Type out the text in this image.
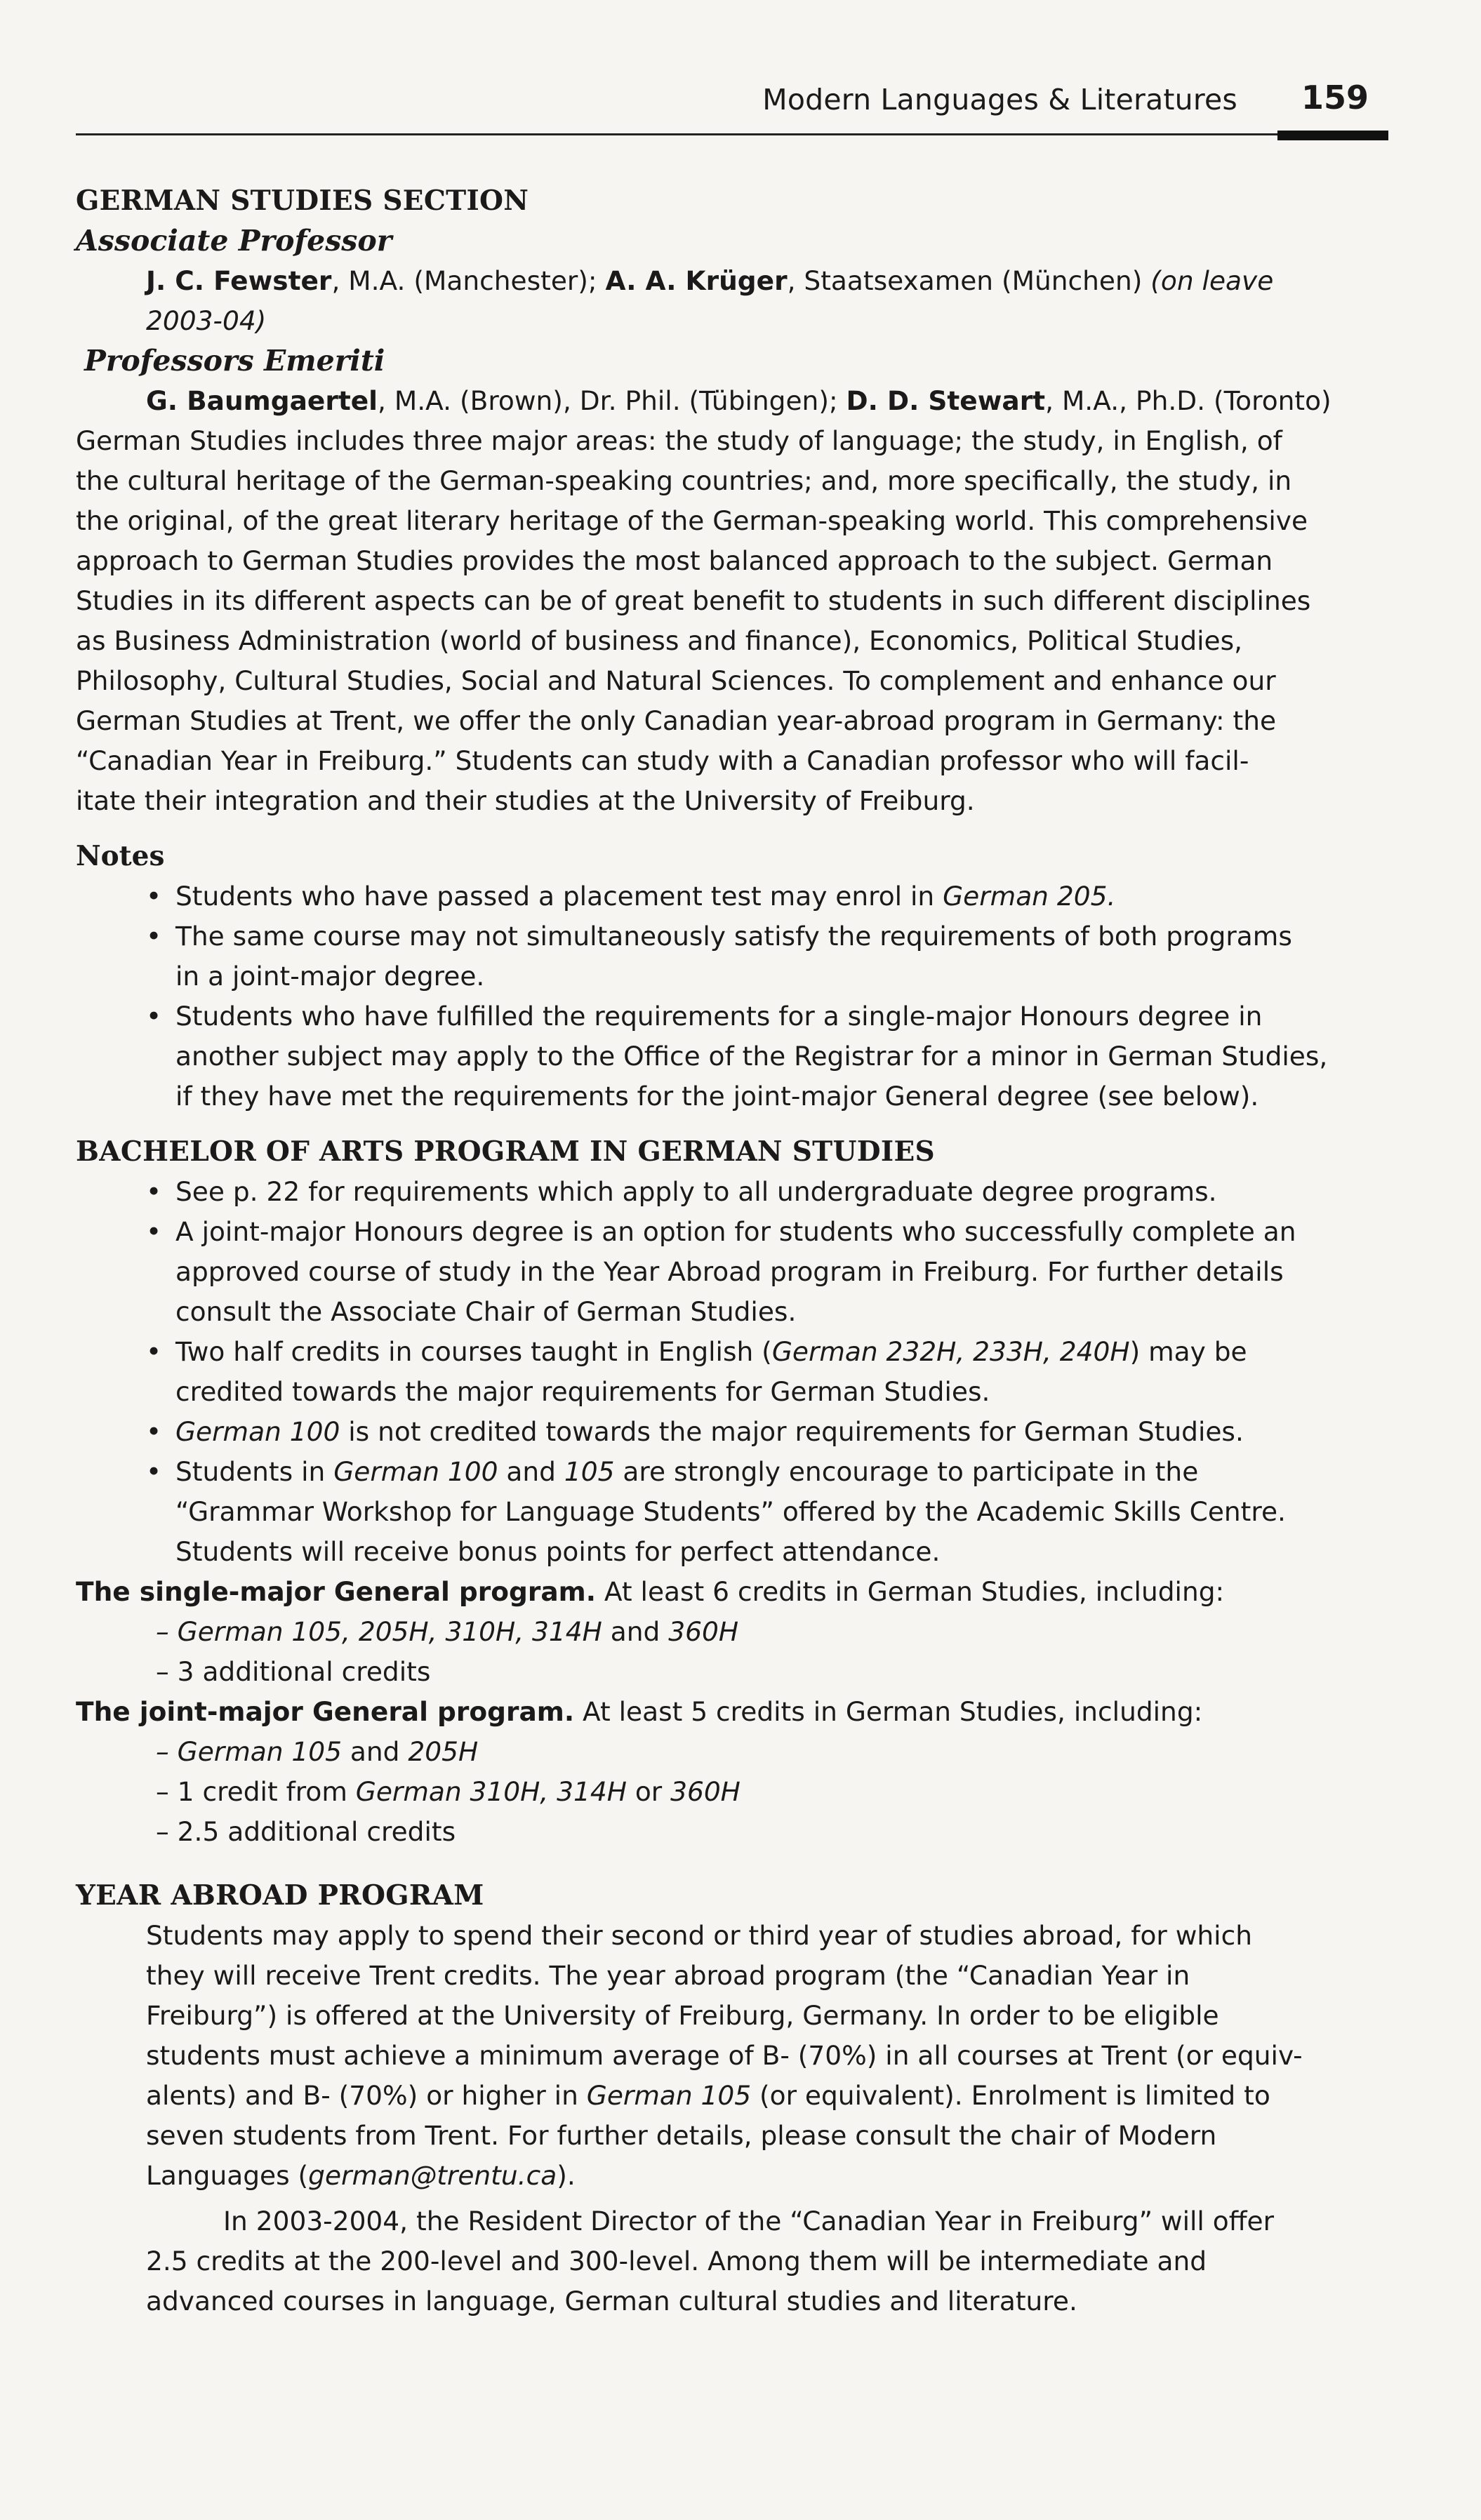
Modern Languages & Literatures 159

GERMAN STUDIES SECTION

Associate Professor

J. C. Fewster, M.A. (Manchester); A. A. Krüger, Staatsexamen (München) (on leave
2003-04)

Professors Emeriti

G. Baumgaertel, M.A. (Brown), Dr. Phil. (Tübingen); D. D. Stewart, M.A., Ph.D. (Toronto)

German Studies includes three major areas: the study of language; the study, in English, of
the cultural heritage of the German-speaking countries; and, more specifically, the study, in
the original, of the great literary heritage of the German-speaking world. This comprehensive
approach to German Studies provides the most balanced approach to the subject. German
Studies in its different aspects can be of great benefit to students in such different disciplines
as Business Administration (world of business and finance), Economics, Political Studies,
Philosophy, Cultural Studies, Social and Natural Sciences. To complement and enhance our
German Studies at Trent, we offer the only Canadian year-abroad program in Germany: the
“Canadian Year in Freiburg.” Students can study with a Canadian professor who will facil-
itate their integration and their studies at the University of Freiburg.

Notes

• Students who have passed a placement test may enrol in German 205.
• The same course may not simultaneously satisfy the requirements of both programs
in a joint-major degree.
• Students who have fulfilled the requirements for a single-major Honours degree in
another subject may apply to the Office of the Registrar for a minor in German Studies,
if they have met the requirements for the joint-major General degree (see below).

BACHELOR OF ARTS PROGRAM IN GERMAN STUDIES

• See p. 22 for requirements which apply to all undergraduate degree programs.
• A joint-major Honours degree is an option for students who successfully complete an
approved course of study in the Year Abroad program in Freiburg. For further details
consult the Associate Chair of German Studies.
• Two half credits in courses taught in English (German 232H, 233H, 240H) may be
credited towards the major requirements for German Studies.
• German 100 is not credited towards the major requirements for German Studies.
• Students in German 100 and 105 are strongly encourage to participate in the
“Grammar Workshop for Language Students” offered by the Academic Skills Centre.
Students will receive bonus points for perfect attendance.

The single-major General program. At least 6 credits in German Studies, including:

– German 105, 205H, 310H, 314H and 360H

– 3 additional credits

The joint-major General program. At least 5 credits in German Studies, including:

– German 105 and 205H

– 1 credit from German 310H, 314H or 360H

– 2.5 additional credits

YEAR ABROAD PROGRAM

Students may apply to spend their second or third year of studies abroad, for which
they will receive Trent credits. The year abroad program (the “Canadian Year in
Freiburg”) is offered at the University of Freiburg, Germany. In order to be eligible
students must achieve a minimum average of B- (70%) in all courses at Trent (or equiv-
alents) and B- (70%) or higher in German 105 (or equivalent). Enrolment is limited to
seven students from Trent. For further details, please consult the chair of Modern
Languages (german@trentu.ca).
In 2003-2004, the Resident Director of the “Canadian Year in Freiburg” will offer
2.5 credits at the 200-level and 300-level. Among them will be intermediate and
advanced courses in language, German cultural studies and literature.
